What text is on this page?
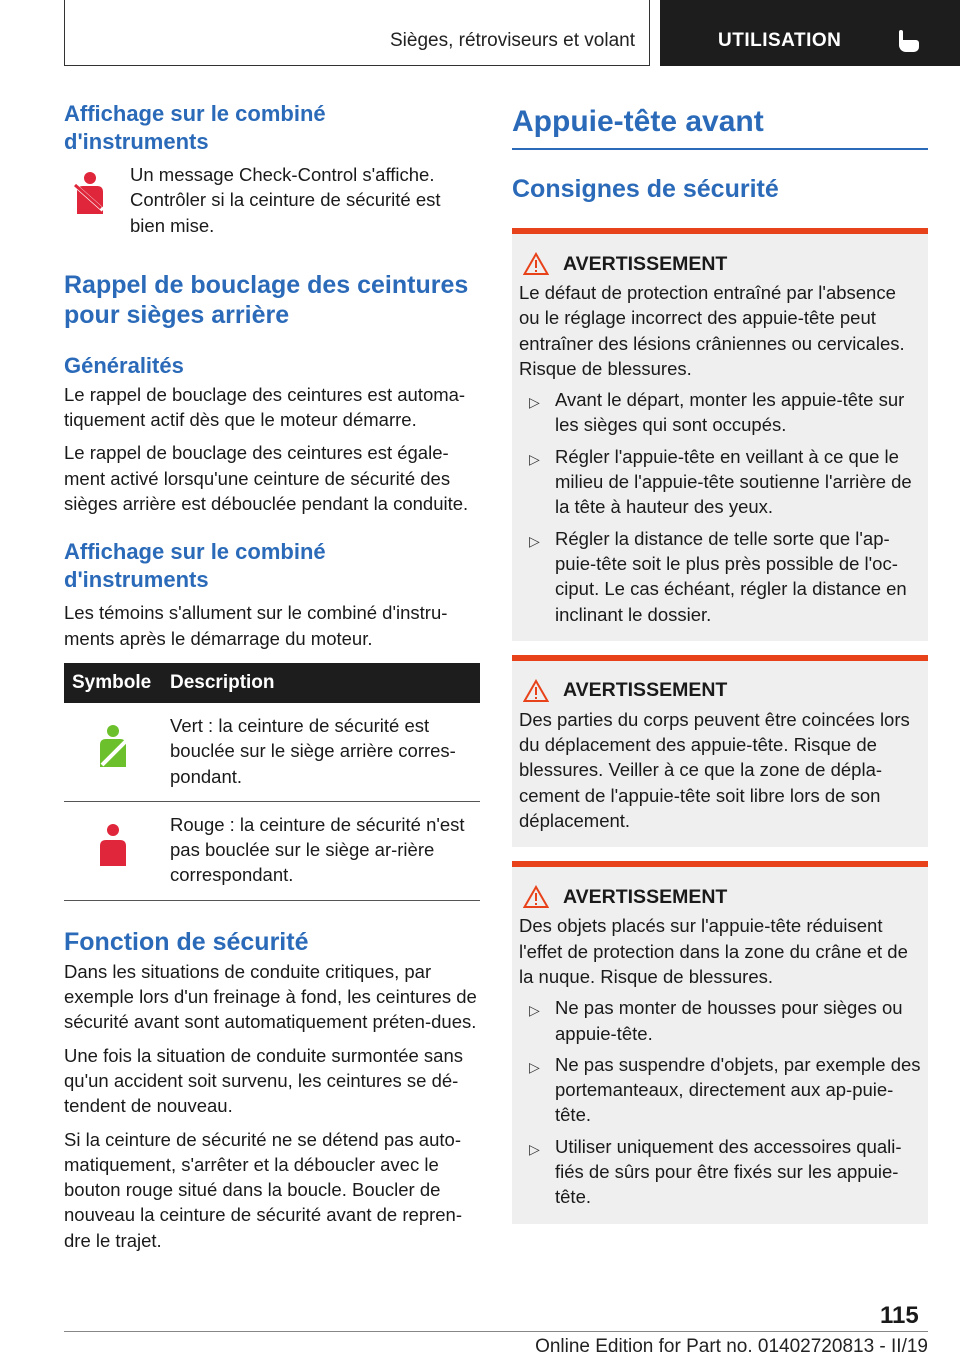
Sièges, rétroviseurs et volant	UTILISATION
Affichage sur le combiné d'instruments
Un message Check-Control s'affiche. Contrôler si la ceinture de sécurité est bien mise.
Rappel de bouclage des ceintures pour sièges arrière
Généralités
Le rappel de bouclage des ceintures est automa-tiquement actif dès que le moteur démarre.
Le rappel de bouclage des ceintures est égale-ment activé lorsqu'une ceinture de sécurité des sièges arrière est débouclée pendant la conduite.
Affichage sur le combiné d'instruments
Les témoins s'allument sur le combiné d'instru-ments après le démarrage du moteur.
Symbole	Description
	Vert : la ceinture de sécurité est bouclée sur le siège arrière corres-pondant.
	Rouge : la ceinture de sécurité n'est pas bouclée sur le siège ar-rière correspondant.
Fonction de sécurité
Dans les situations de conduite critiques, par exemple lors d'un freinage à fond, les ceintures de sécurité avant sont automatiquement préten-dues.
Une fois la situation de conduite surmontée sans qu'un accident soit survenu, les ceintures se dé-tendent de nouveau.
Si la ceinture de sécurité ne se détend pas auto-matiquement, s'arrêter et la déboucler avec le bouton rouge situé dans la boucle. Boucler de nouveau la ceinture de sécurité avant de repren-dre le trajet.
Appuie-tête avant
Consignes de sécurité
AVERTISSEMENT
Le défaut de protection entraîné par l'absence ou le réglage incorrect des appuie-tête peut entraîner des lésions crâniennes ou cervicales. Risque de blessures.
▷ Avant le départ, monter les appuie-tête sur les sièges qui sont occupés.
▷ Régler l'appuie-tête en veillant à ce que le milieu de l'appuie-tête soutienne l'arrière de la tête à hauteur des yeux.
▷ Régler la distance de telle sorte que l'ap-puie-tête soit le plus près possible de l'oc-ciput. Le cas échéant, régler la distance en inclinant le dossier.
AVERTISSEMENT
Des parties du corps peuvent être coincées lors du déplacement des appuie-tête. Risque de blessures. Veiller à ce que la zone de dépla-cement de l'appuie-tête soit libre lors de son déplacement.
AVERTISSEMENT
Des objets placés sur l'appuie-tête réduisent l'effet de protection dans la zone du crâne et de la nuque. Risque de blessures.
▷ Ne pas monter de housses pour sièges ou appuie-tête.
▷ Ne pas suspendre d'objets, par exemple des portemanteaux, directement aux ap-puie-tête.
▷ Utiliser uniquement des accessoires quali-fiés de sûrs pour être fixés sur les appuie-tête.
115
Online Edition for Part no. 01402720813 - II/19
